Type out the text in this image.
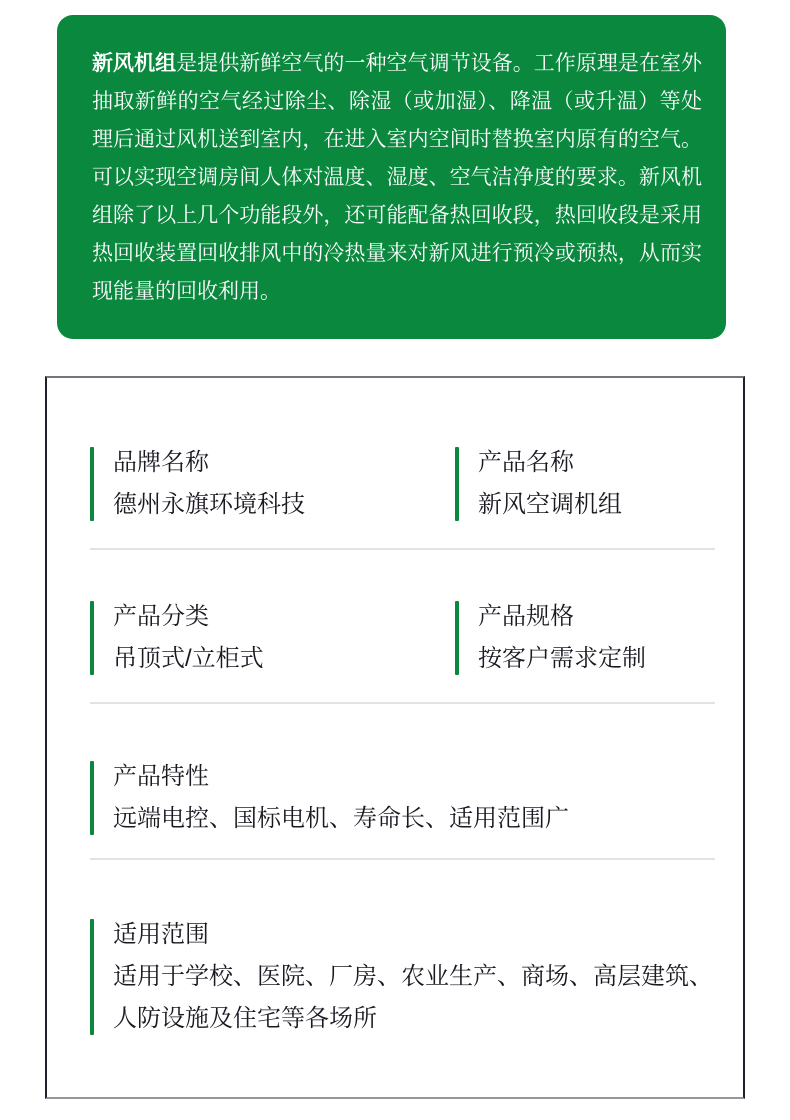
新风机组是提供新鲜空气的一种空气调节设备。工作原理是在室外抽取新鲜的空气经过除尘、除湿（或加湿）、降温（或升温）等处理后通过风机送到室内，在进入室内空间时替换室内原有的空气。可以实现空调房间人体对温度、湿度、空气洁净度的要求。新风机组除了以上几个功能段外，还可能配备热回收段，热回收段是采用热回收装置回收排风中的冷热量来对新风进行预冷或预热，从而实现能量的回收利用。

品牌名称
德州永旗环境科技
产品名称
新风空调机组
产品分类
吊顶式/立柜式
产品规格
按客户需求定制
产品特性
远端电控、国标电机、寿命长、适用范围广
适用范围
适用于学校、医院、厂房、农业生产、商场、高层建筑、人防设施及住宅等各场所
